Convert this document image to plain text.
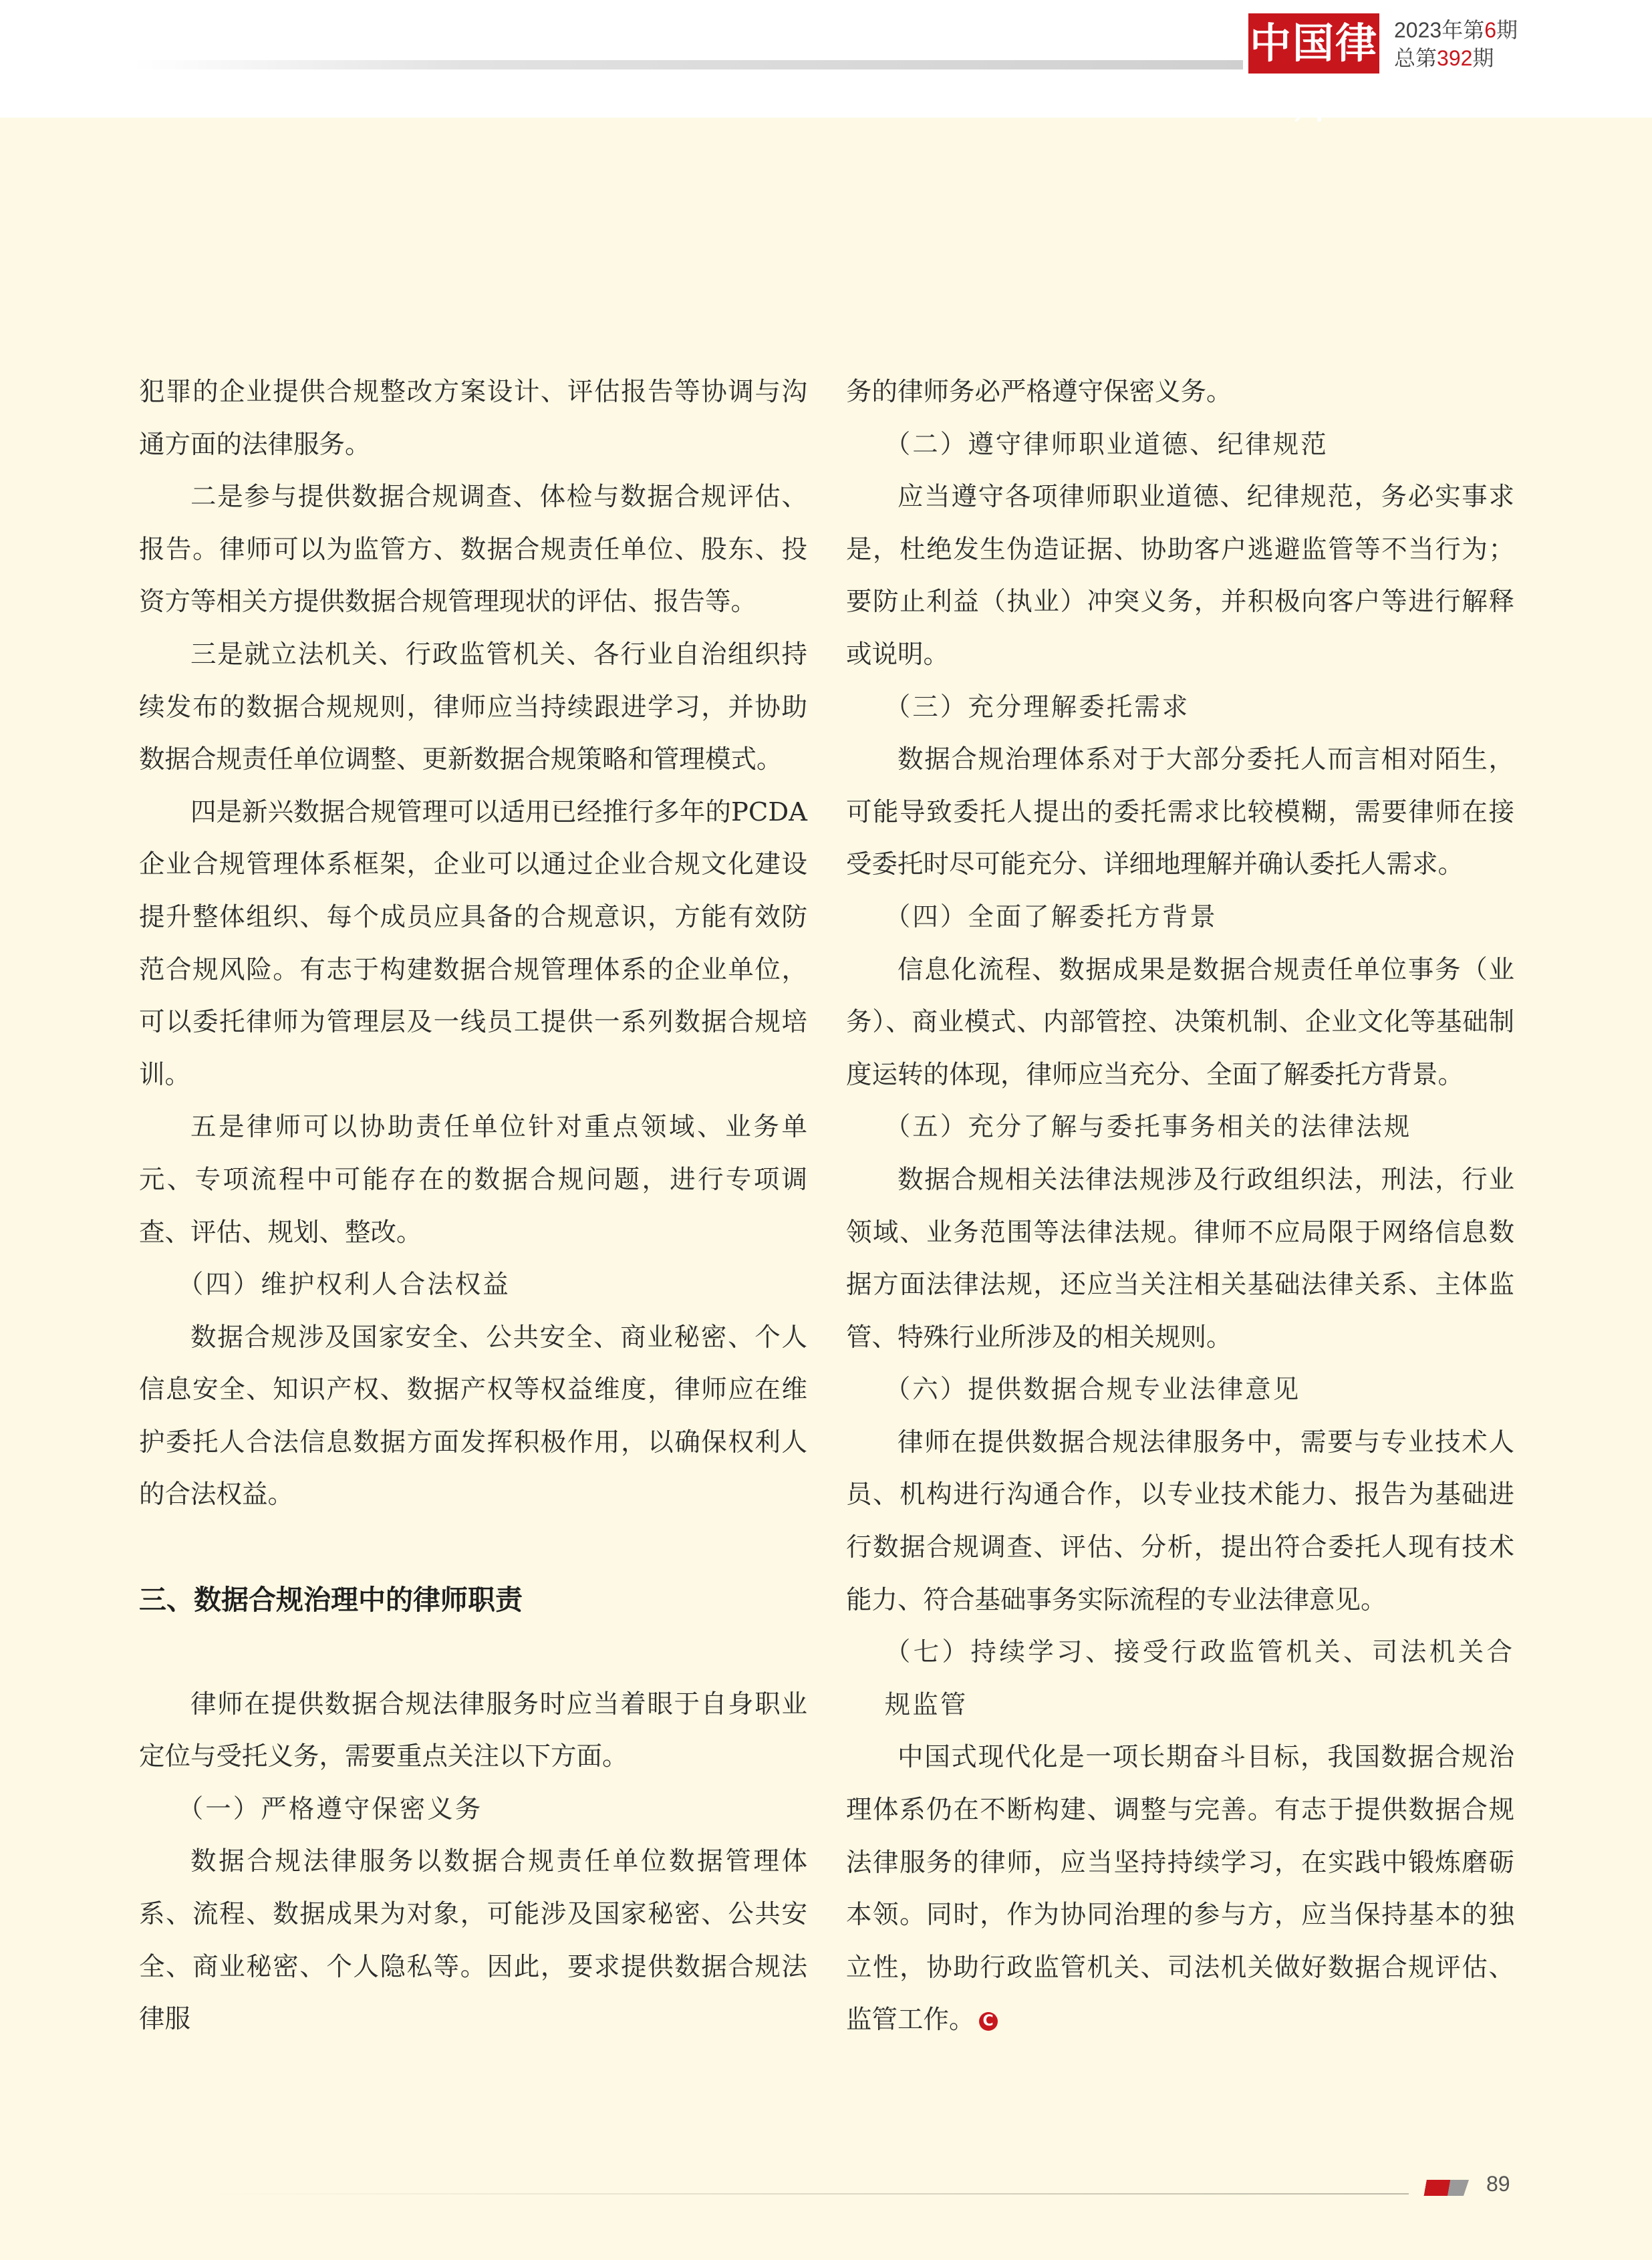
中国律师
2023年第6期
总第392期

犯罪的企业提供合规整改方案设计、评估报告等协调与沟通方面的法律服务。

二是参与提供数据合规调查、体检与数据合规评估、报告。律师可以为监管方、数据合规责任单位、股东、投资方等相关方提供数据合规管理现状的评估、报告等。

三是就立法机关、行政监管机关、各行业自治组织持续发布的数据合规规则，律师应当持续跟进学习，并协助数据合规责任单位调整、更新数据合规策略和管理模式。

四是新兴数据合规管理可以适用已经推行多年的PCDA企业合规管理体系框架，企业可以通过企业合规文化建设提升整体组织、每个成员应具备的合规意识，方能有效防范合规风险。有志于构建数据合规管理体系的企业单位，可以委托律师为管理层及一线员工提供一系列数据合规培训。

五是律师可以协助责任单位针对重点领域、业务单元、专项流程中可能存在的数据合规问题，进行专项调查、评估、规划、整改。

（四）维护权利人合法权益

数据合规涉及国家安全、公共安全、商业秘密、个人信息安全、知识产权、数据产权等权益维度，律师应在维护委托人合法信息数据方面发挥积极作用，以确保权利人的合法权益。

三、数据合规治理中的律师职责

律师在提供数据合规法律服务时应当着眼于自身职业定位与受托义务，需要重点关注以下方面。

（一）严格遵守保密义务

数据合规法律服务以数据合规责任单位数据管理体系、流程、数据成果为对象，可能涉及国家秘密、公共安全、商业秘密、个人隐私等。因此，要求提供数据合规法律服

务的律师务必严格遵守保密义务。

（二）遵守律师职业道德、纪律规范

应当遵守各项律师职业道德、纪律规范，务必实事求是，杜绝发生伪造证据、协助客户逃避监管等不当行为；要防止利益（执业）冲突义务，并积极向客户等进行解释或说明。

（三）充分理解委托需求

数据合规治理体系对于大部分委托人而言相对陌生，可能导致委托人提出的委托需求比较模糊，需要律师在接受委托时尽可能充分、详细地理解并确认委托人需求。

（四）全面了解委托方背景

信息化流程、数据成果是数据合规责任单位事务（业务）、商业模式、内部管控、决策机制、企业文化等基础制度运转的体现，律师应当充分、全面了解委托方背景。

（五）充分了解与委托事务相关的法律法规

数据合规相关法律法规涉及行政组织法，刑法，行业领域、业务范围等法律法规。律师不应局限于网络信息数据方面法律法规，还应当关注相关基础法律关系、主体监管、特殊行业所涉及的相关规则。

（六）提供数据合规专业法律意见

律师在提供数据合规法律服务中，需要与专业技术人员、机构进行沟通合作，以专业技术能力、报告为基础进行数据合规调查、评估、分析，提出符合委托人现有技术能力、符合基础事务实际流程的专业法律意见。

（七）持续学习、接受行政监管机关、司法机关合规监管

中国式现代化是一项长期奋斗目标，我国数据合规治理体系仍在不断构建、调整与完善。有志于提供数据合规法律服务的律师，应当坚持持续学习，在实践中锻炼磨砺本领。同时，作为协同治理的参与方，应当保持基本的独立性，协助行政监管机关、司法机关做好数据合规评估、监管工作。 C

89
